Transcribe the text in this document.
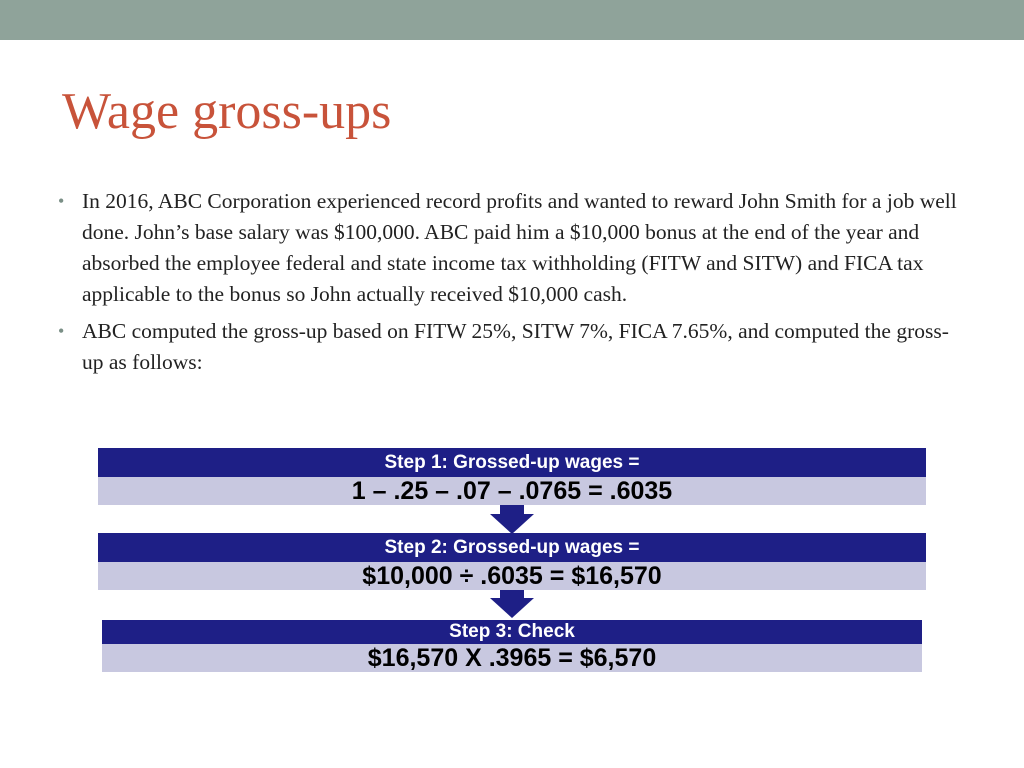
Wage gross-ups
• In 2016, ABC Corporation experienced record profits and wanted to reward John Smith for a job well done. John’s base salary was $100,000. ABC paid him a $10,000 bonus at the end of the year and absorbed the employee federal and state income tax withholding (FITW and SITW) and FICA tax applicable to the bonus so John actually received $10,000 cash.
• ABC computed the gross-up based on FITW 25%, SITW 7%, FICA 7.65%, and computed the gross-up as follows:
Step 1: Grossed-up wages =
1 – .25 – .07 – .0765 = .6035
Step 2: Grossed-up wages =
$10,000 ÷ .6035 = $16,570
Step 3: Check
$16,570 X .3965 = $6,570
